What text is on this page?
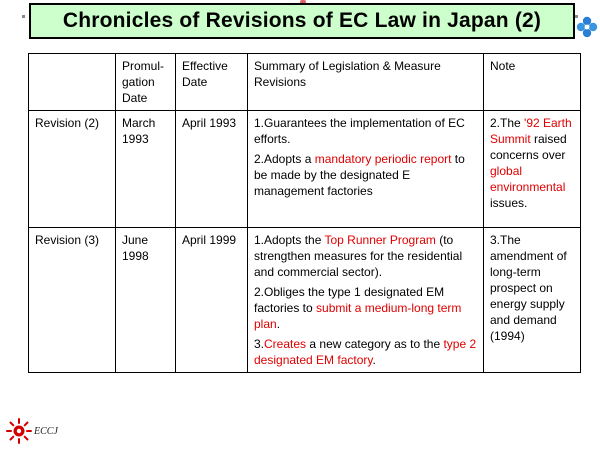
Chronicles of Revisions of EC Law in Japan (2)
	Promul-gation Date	Effective Date	Summary of Legislation & Measure Revisions	Note
Revision (2)	March 1993	April 1993	1.Guarantees the implementation of EC efforts.
2.Adopts a mandatory periodic report to be made by the designated E management factories	2.The '92 Earth Summit raised concerns over global environmental issues.

Revision (3)	June 1998	April 1999	1.Adopts the Top Runner Program (to strengthen measures for the residential and commercial sector).
2.Obliges the type 1 designated EM factories to submit a medium-long term plan.
3.Creates a new category as to the type 2 designated EM factory.	3.The amendment of long-term prospect on energy supply and demand (1994)
ECCJ
